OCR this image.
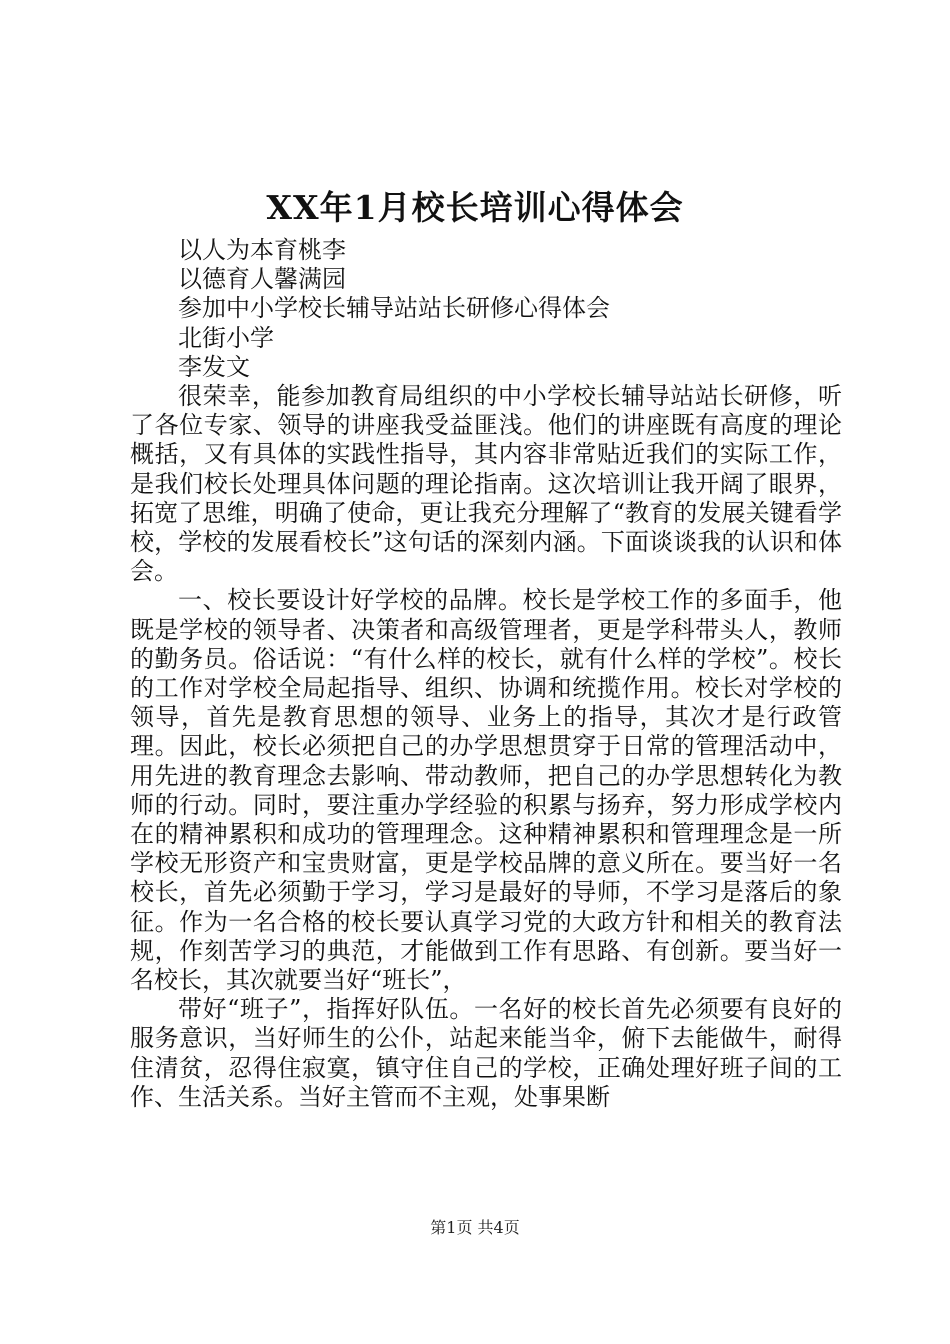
XX年1月校长培训心得体会

以人为本育桃李

以德育人馨满园

参加中小学校长辅导站站长研修心得体会

北街小学

李发文

很荣幸，能参加教育局组织的中小学校长辅导站站长研修，听了各位专家、领导的讲座我受益匪浅。他们的讲座既有高度的理论概括，又有具体的实践性指导，其内容非常贴近我们的实际工作，是我们校长处理具体问题的理论指南。这次培训让我开阔了眼界，拓宽了思维，明确了使命，更让我充分理解了“教育的发展关键看学校，学校的发展看校长”这句话的深刻内涵。下面谈谈我的认识和体会。

一、校长要设计好学校的品牌。校长是学校工作的多面手，他既是学校的领导者、决策者和高级管理者，更是学科带头人，教师的勤务员。俗话说：“有什么样的校长，就有什么样的学校”。校长的工作对学校全局起指导、组织、协调和统揽作用。校长对学校的领导，首先是教育思想的领导、业务上的指导，其次才是行政管理。因此，校长必须把自己的办学思想贯穿于日常的管理活动中，用先进的教育理念去影响、带动教师，把自己的办学思想转化为教师的行动。同时，要注重办学经验的积累与扬弃，努力形成学校内在的精神累积和成功的管理理念。这种精神累积和管理理念是一所学校无形资产和宝贵财富，更是学校品牌的意义所在。要当好一名校长，首先必须勤于学习，学习是最好的导师，不学习是落后的象征。作为一名合格的校长要认真学习党的大政方针和相关的教育法规，作刻苦学习的典范，才能做到工作有思路、有创新。要当好一名校长，其次就要当好“班长”，

带好“班子”，指挥好队伍。一名好的校长首先必须要有良好的服务意识，当好师生的公仆，站起来能当伞，俯下去能做牛，耐得住清贫，忍得住寂寞，镇守住自己的学校，正确处理好班子间的工作、生活关系。当好主管而不主观，处事果断

第1页 共4页
